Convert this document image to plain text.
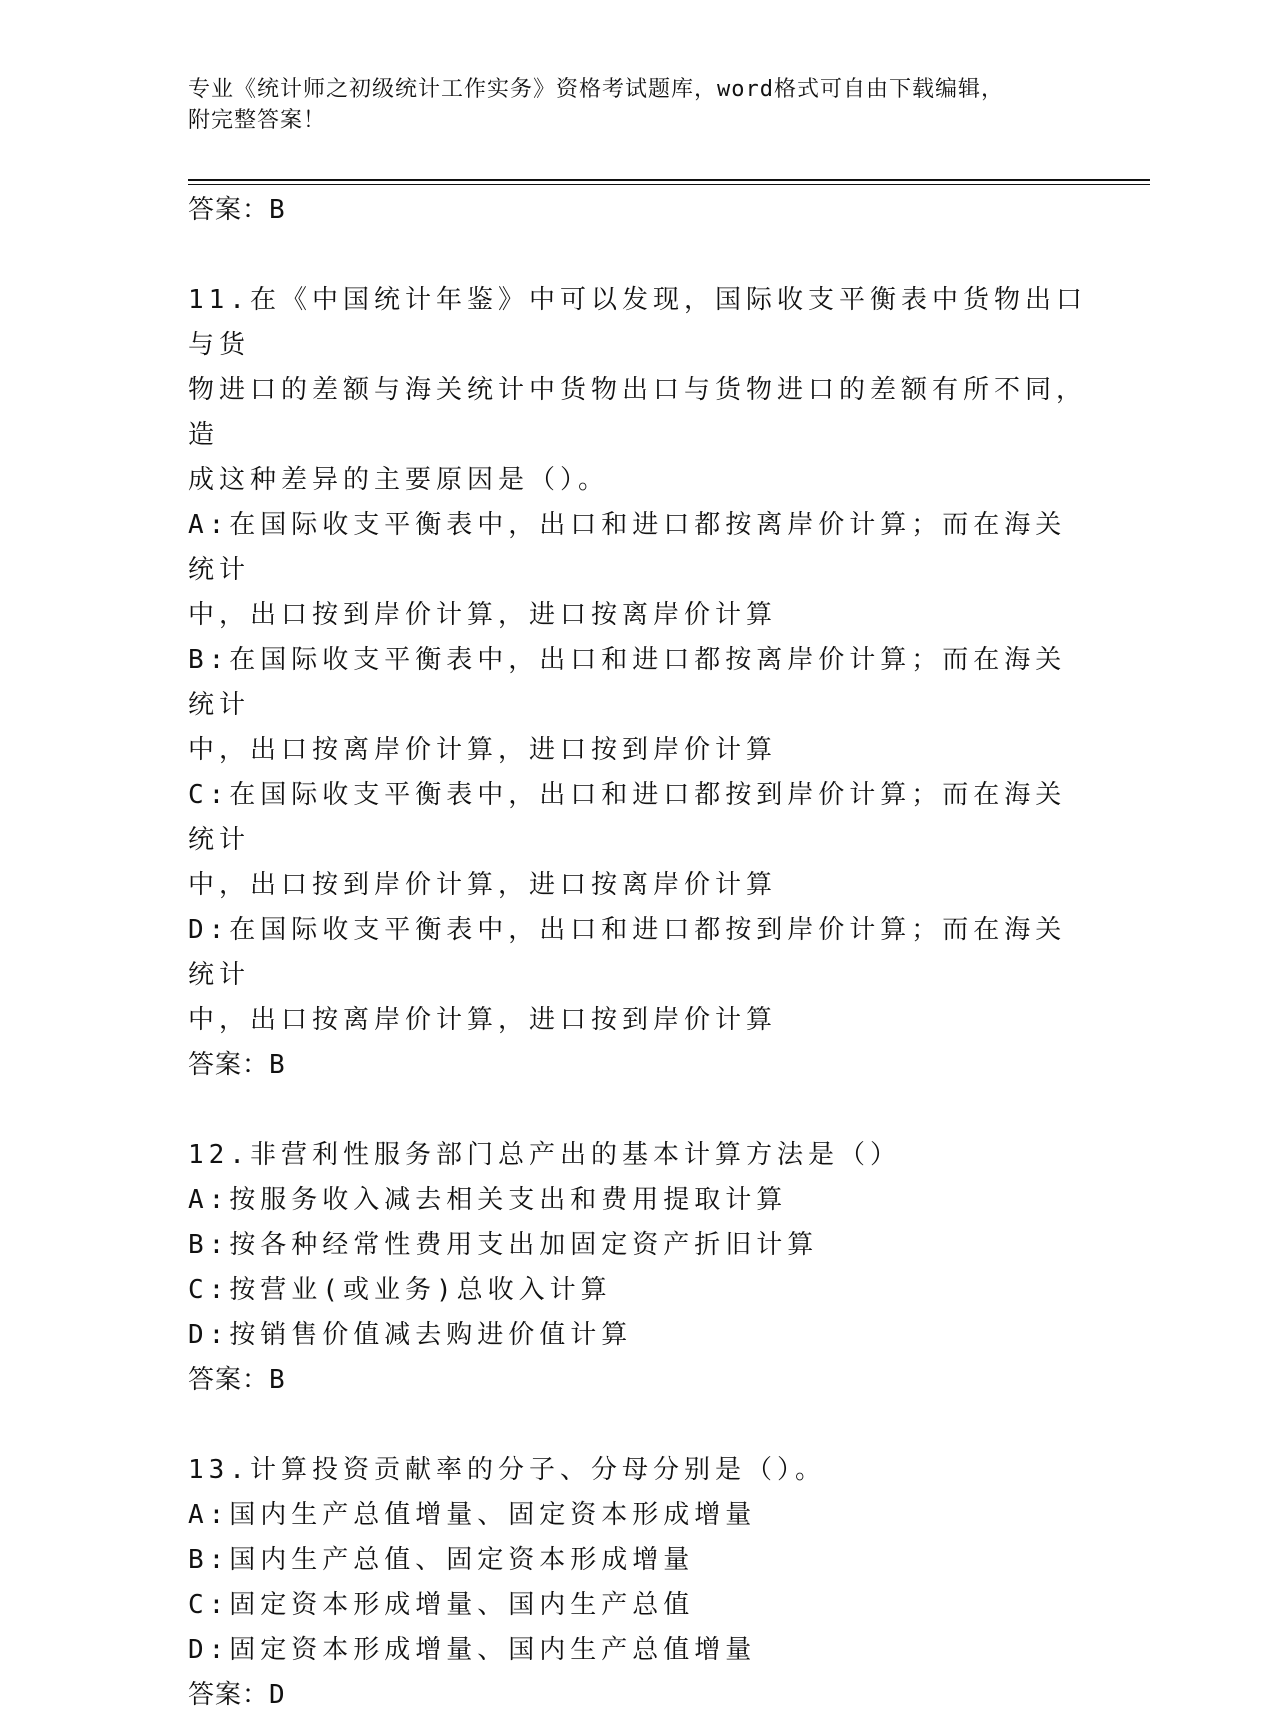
专业《统计师之初级统计工作实务》资格考试题库，word格式可自由下载编辑，
附完整答案！
答案：B
11.在《中国统计年鉴》中可以发现，国际收支平衡表中货物出口与货
物进口的差额与海关统计中货物出口与货物进口的差额有所不同，造
成这种差异的主要原因是（）。
A:在国际收支平衡表中，出口和进口都按离岸价计算；而在海关统计
中，出口按到岸价计算，进口按离岸价计算
B:在国际收支平衡表中，出口和进口都按离岸价计算；而在海关统计
中，出口按离岸价计算，进口按到岸价计算
C:在国际收支平衡表中，出口和进口都按到岸价计算；而在海关统计
中，出口按到岸价计算，进口按离岸价计算
D:在国际收支平衡表中，出口和进口都按到岸价计算；而在海关统计
中，出口按离岸价计算，进口按到岸价计算
答案：B
12.非营利性服务部门总产出的基本计算方法是（）
A:按服务收入减去相关支出和费用提取计算
B:按各种经常性费用支出加固定资产折旧计算
C:按营业(或业务)总收入计算
D:按销售价值减去购进价值计算
答案：B
13.计算投资贡献率的分子、分母分别是（）。
A:国内生产总值增量、固定资本形成增量
B:国内生产总值、固定资本形成增量
C:固定资本形成增量、国内生产总值
D:固定资本形成增量、国内生产总值增量
答案：D
